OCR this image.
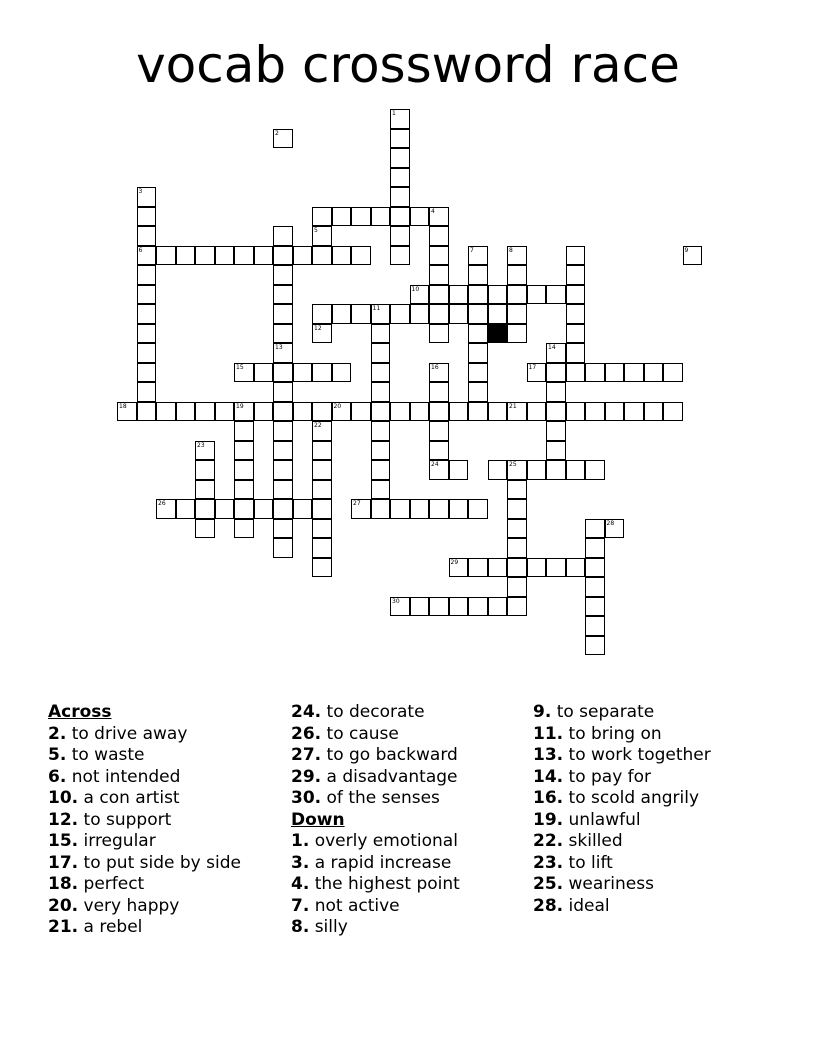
vocab crossword race
13
1
3
6	7	8
10
11
15	17
16
24
14
18	19	20	21
22
23
25
26	27
29
30
2
4
5
9
12
28
Across
2. to drive away
5. to waste
6. not intended
10. a con artist
12. to support
15. irregular
17. to put side by side
18. perfect
20. very happy
21. a rebel
24. to decorate
26. to cause
27. to go backward
29. a disadvantage
30. of the senses
Down
1. overly emotional
3. a rapid increase
4. the highest point
7. not active
8. silly
9. to separate
11. to bring on
13. to work together
14. to pay for
16. to scold angrily
19. unlawful
22. skilled
23. to lift
25. weariness
28. ideal
